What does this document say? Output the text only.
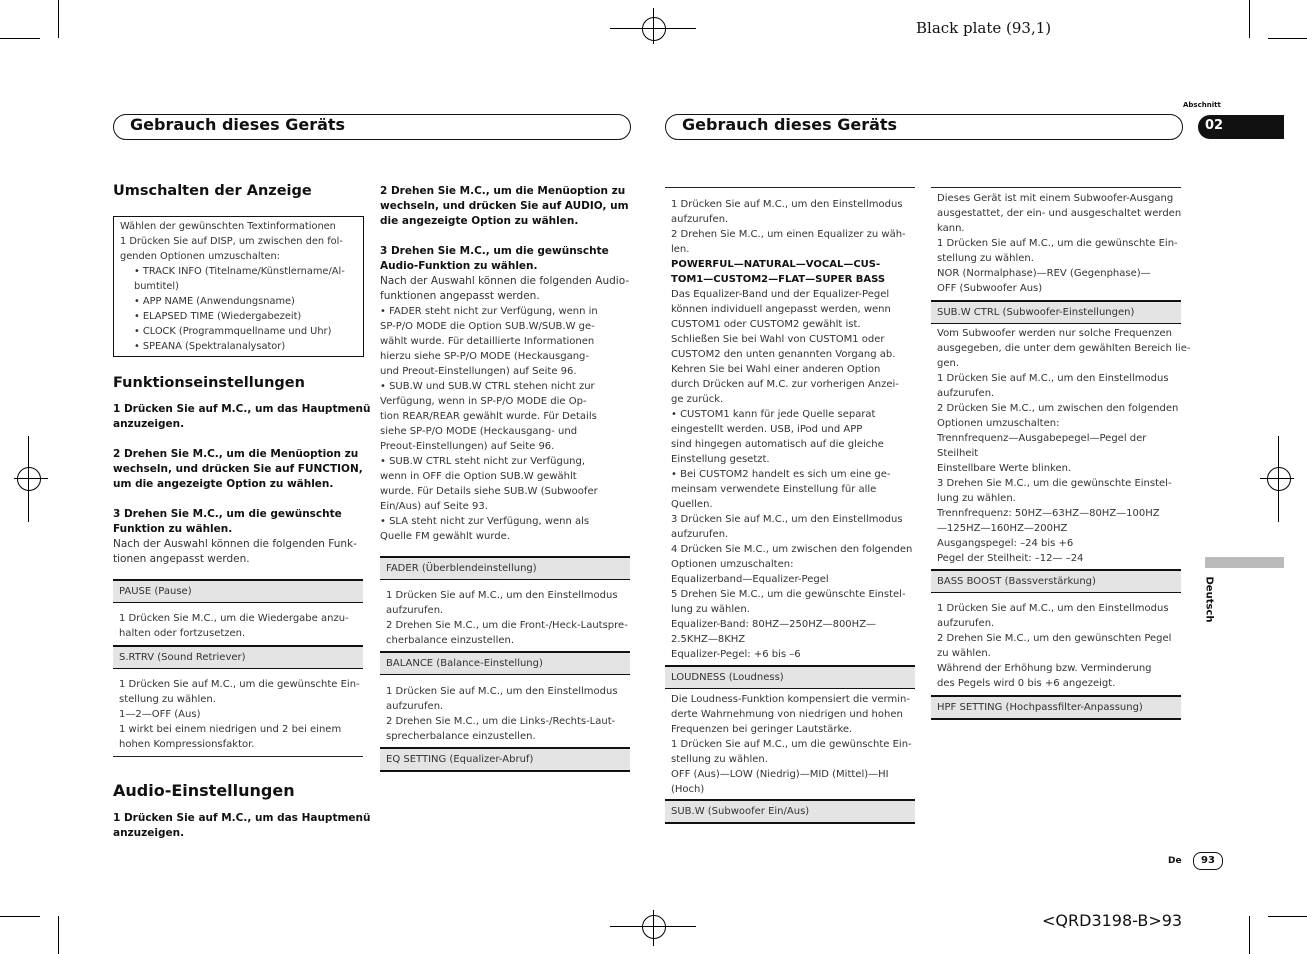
Black plate (93,1)
Gebrauch dieses Geräts	Gebrauch dieses Geräts
Abschnitt
02
Deutsch
Umschalten der Anzeige
Wählen der gewünschten Textinformationen
1 Drücken Sie auf DISP, um zwischen den fol-
genden Optionen umzuschalten:
• TRACK INFO (Titelname/Künstlername/Al-
bumtitel)
• APP NAME (Anwendungsname)
• ELAPSED TIME (Wiedergabezeit)
• CLOCK (Programmquellname und Uhr)
• SPEANA (Spektralanalysator)
Funktionseinstellungen
1 Drücken Sie auf M.C., um das Hauptmenü
anzuzeigen.
2 Drehen Sie M.C., um die Menüoption zu
wechseln, und drücken Sie auf FUNCTION,
um die angezeigte Option zu wählen.
3 Drehen Sie M.C., um die gewünschte
Funktion zu wählen.
Nach der Auswahl können die folgenden Funk-
tionen angepasst werden.
PAUSE (Pause)
1 Drücken Sie M.C., um die Wiedergabe anzu-
halten oder fortzusetzen.
S.RTRV (Sound Retriever)
1 Drücken Sie auf M.C., um die gewünschte Ein-
stellung zu wählen.
1—2—OFF (Aus)
1 wirkt bei einem niedrigen und 2 bei einem
hohen Kompressionsfaktor.
Audio-Einstellungen
1 Drücken Sie auf M.C., um das Hauptmenü
anzuzeigen.
2 Drehen Sie M.C., um die Menüoption zu
wechseln, und drücken Sie auf AUDIO, um
die angezeigte Option zu wählen.
3 Drehen Sie M.C., um die gewünschte
Audio-Funktion zu wählen.
Nach der Auswahl können die folgenden Audio-
funktionen angepasst werden.
• FADER steht nicht zur Verfügung, wenn in
SP-P/O MODE die Option SUB.W/SUB.W ge-
wählt wurde. Für detaillierte Informationen
hierzu siehe SP-P/O MODE (Heckausgang-
und Preout-Einstellungen) auf Seite 96.
• SUB.W und SUB.W CTRL stehen nicht zur
Verfügung, wenn in SP-P/O MODE die Op-
tion REAR/REAR gewählt wurde. Für Details
siehe SP-P/O MODE (Heckausgang- und
Preout-Einstellungen) auf Seite 96.
• SUB.W CTRL steht nicht zur Verfügung,
wenn in OFF die Option SUB.W gewählt
wurde. Für Details siehe SUB.W (Subwoofer
Ein/Aus) auf Seite 93.
• SLA steht nicht zur Verfügung, wenn als
Quelle FM gewählt wurde.
FADER (Überblendeinstellung)
1 Drücken Sie auf M.C., um den Einstellmodus
aufzurufen.
2 Drehen Sie M.C., um die Front-/Heck-Lautspre-
cherbalance einzustellen.
BALANCE (Balance-Einstellung)
1 Drücken Sie auf M.C., um den Einstellmodus
aufzurufen.
2 Drehen Sie M.C., um die Links-/Rechts-Laut-
sprecherbalance einzustellen.
EQ SETTING (Equalizer-Abruf)
1 Drücken Sie auf M.C., um den Einstellmodus
aufzurufen.
2 Drehen Sie M.C., um einen Equalizer zu wäh-
len.
POWERFUL—NATURAL—VOCAL—CUS-
TOM1—CUSTOM2—FLAT—SUPER BASS
Das Equalizer-Band und der Equalizer-Pegel
können individuell angepasst werden, wenn
CUSTOM1 oder CUSTOM2 gewählt ist.
Schließen Sie bei Wahl von CUSTOM1 oder
CUSTOM2 den unten genannten Vorgang ab.
Kehren Sie bei Wahl einer anderen Option
durch Drücken auf M.C. zur vorherigen Anzei-
ge zurück.
• CUSTOM1 kann für jede Quelle separat
eingestellt werden. USB, iPod und APP
sind hingegen automatisch auf die gleiche
Einstellung gesetzt.
• Bei CUSTOM2 handelt es sich um eine ge-
meinsam verwendete Einstellung für alle
Quellen.
3 Drücken Sie auf M.C., um den Einstellmodus
aufzurufen.
4 Drücken Sie M.C., um zwischen den folgenden
Optionen umzuschalten:
Equalizerband—Equalizer-Pegel
5 Drehen Sie M.C., um die gewünschte Einstel-
lung zu wählen.
Equalizer-Band: 80HZ—250HZ—800HZ—
2.5KHZ—8KHZ
Equalizer-Pegel: +6 bis –6
LOUDNESS (Loudness)
Die Loudness-Funktion kompensiert die vermin-
derte Wahrnehmung von niedrigen und hohen
Frequenzen bei geringer Lautstärke.
1 Drücken Sie auf M.C., um die gewünschte Ein-
stellung zu wählen.
OFF (Aus)—LOW (Niedrig)—MID (Mittel)—HI
(Hoch)
SUB.W (Subwoofer Ein/Aus)
Dieses Gerät ist mit einem Subwoofer-Ausgang
ausgestattet, der ein- und ausgeschaltet werden
kann.
1 Drücken Sie auf M.C., um die gewünschte Ein-
stellung zu wählen.
NOR (Normalphase)—REV (Gegenphase)—
OFF (Subwoofer Aus)
SUB.W CTRL (Subwoofer-Einstellungen)
Vom Subwoofer werden nur solche Frequenzen
ausgegeben, die unter dem gewählten Bereich lie-
gen.
1 Drücken Sie auf M.C., um den Einstellmodus
aufzurufen.
2 Drücken Sie M.C., um zwischen den folgenden
Optionen umzuschalten:
Trennfrequenz—Ausgabepegel—Pegel der
Steilheit
Einstellbare Werte blinken.
3 Drehen Sie M.C., um die gewünschte Einstel-
lung zu wählen.
Trennfrequenz: 50HZ—63HZ—80HZ—100HZ
—125HZ—160HZ—200HZ
Ausgangspegel: –24 bis +6
Pegel der Steilheit: –12— –24
BASS BOOST (Bassverstärkung)
1 Drücken Sie auf M.C., um den Einstellmodus
aufzurufen.
2 Drehen Sie M.C., um den gewünschten Pegel
zu wählen.
Während der Erhöhung bzw. Verminderung
des Pegels wird 0 bis +6 angezeigt.
HPF SETTING (Hochpassfilter-Anpassung)
De	93
<QRD3198-B>93
